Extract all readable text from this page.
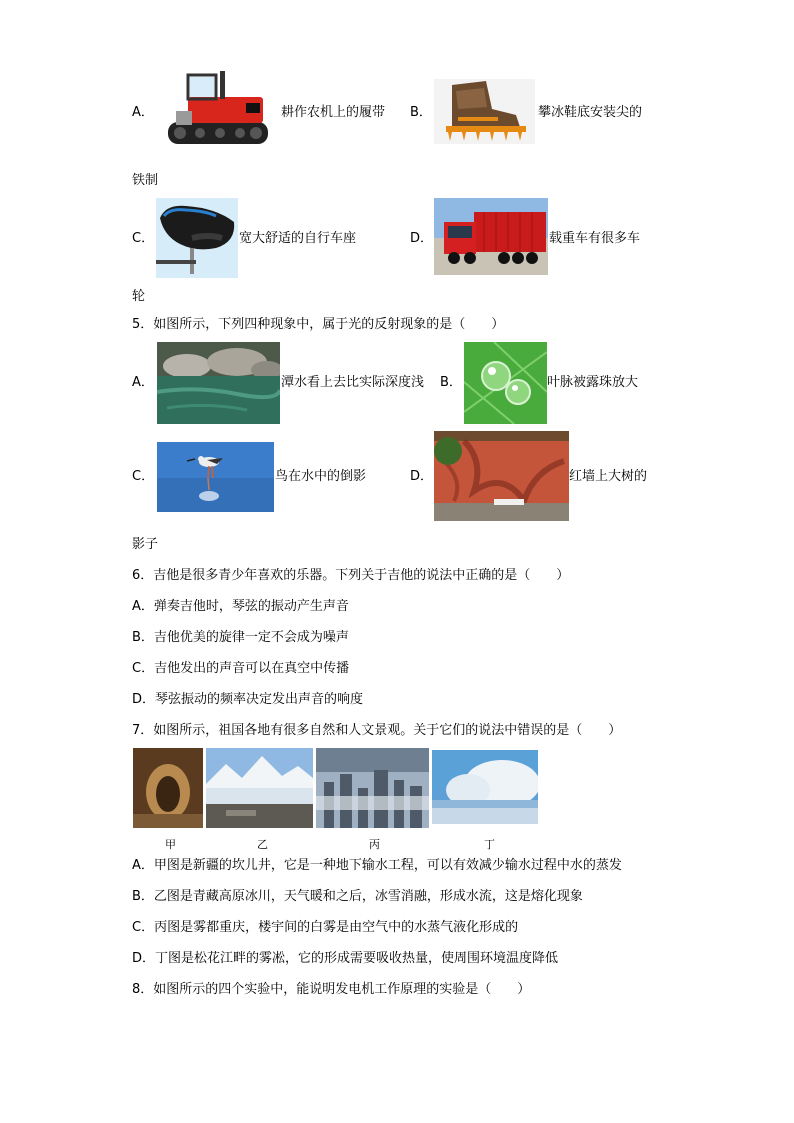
A．	耕作农机上的履带 B．	攀冰鞋底安装尖的
铁制
C．	宽大舒适的自行车座	D．	载重车有很多车
轮
5．如图所示，下列四种现象中，属于光的反射现象的是（　　）
A．	潭水看上去比实际深度浅 B．	叶脉被露珠放大
C．	鸟在水中的倒影	D．	红墙上大树的
影子
6．吉他是很多青少年喜欢的乐器。下列关于吉他的说法中正确的是（　　）
A．弹奏吉他时，琴弦的振动产生声音
B．吉他优美的旋律一定不会成为噪声
C．吉他发出的声音可以在真空中传播
D．琴弦振动的频率决定发出声音的响度
7．如图所示，祖国各地有很多自然和人文景观。关于它们的说法中错误的是（　　）
甲	乙	丙	丁
A．甲图是新疆的坎儿井，它是一种地下输水工程，可以有效减少输水过程中水的蒸发
B．乙图是青藏高原冰川，天气暖和之后，冰雪消融，形成水流，这是熔化现象
C．丙图是雾都重庆，楼宇间的白雾是由空气中的水蒸气液化形成的
D．丁图是松花江畔的雾凇，它的形成需要吸收热量，使周围环境温度降低
8．如图所示的四个实验中，能说明发电机工作原理的实验是（　　）
